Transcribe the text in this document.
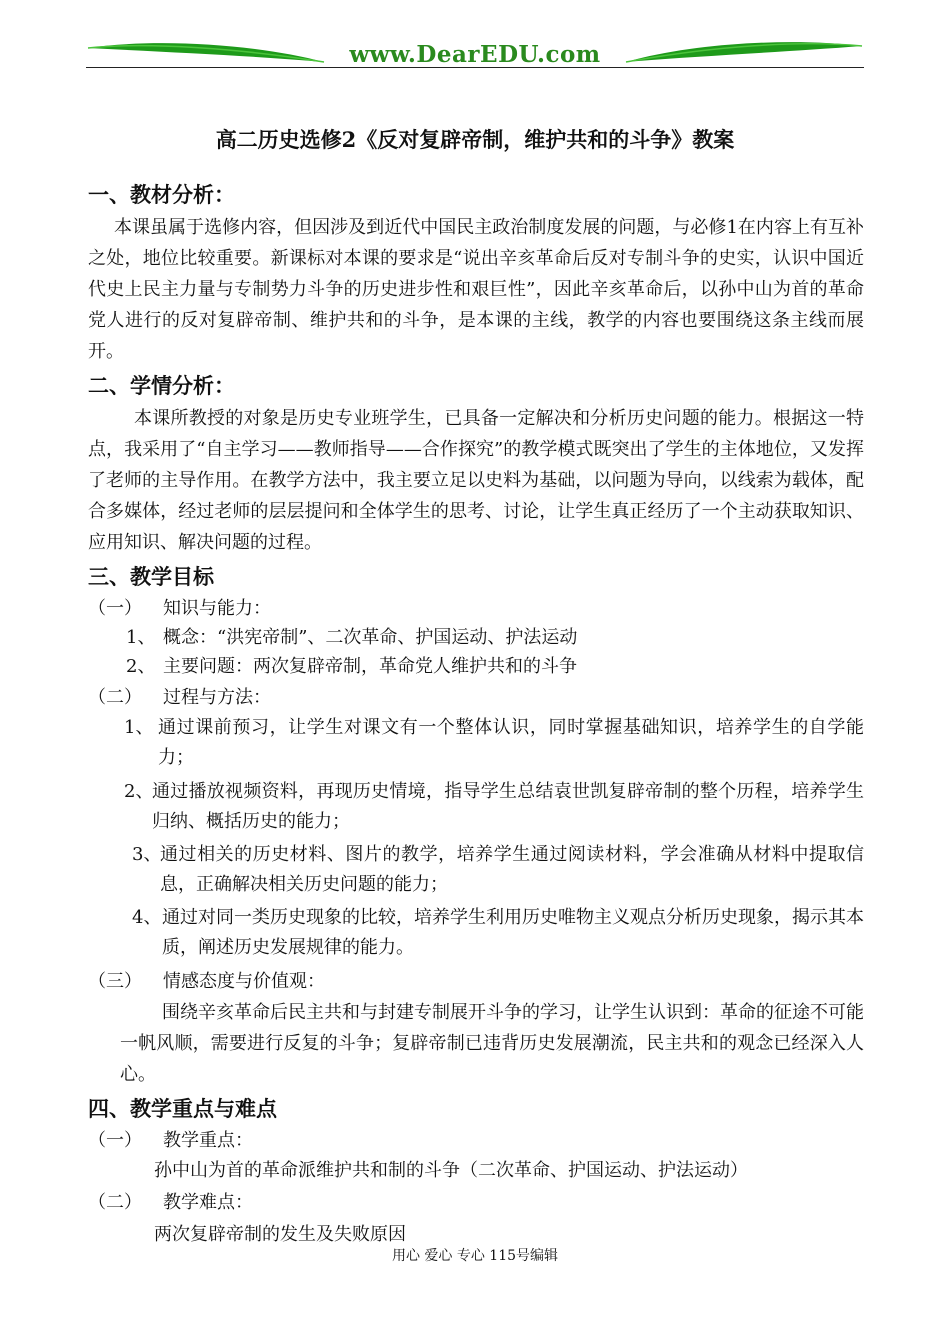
www.DearEDU.com
高二历史选修2《反对复辟帝制，维护共和的斗争》教案
一、教材分析：
本课虽属于选修内容，但因涉及到近代中国民主政治制度发展的问题，与必修1在内容上有互补之处，地位比较重要。新课标对本课的要求是“说出辛亥革命后反对专制斗争的史实，认识中国近代史上民主力量与专制势力斗争的历史进步性和艰巨性”，因此辛亥革命后，以孙中山为首的革命党人进行的反对复辟帝制、维护共和的斗争，是本课的主线，教学的内容也要围绕这条主线而展开。
二、学情分析：
本课所教授的对象是历史专业班学生，已具备一定解决和分析历史问题的能力。根据这一特点，我采用了“自主学习——教师指导——合作探究”的教学模式既突出了学生的主体地位，又发挥了老师的主导作用。在教学方法中，我主要立足以史料为基础，以问题为导向，以线索为载体，配合多媒体，经过老师的层层提问和全体学生的思考、讨论，让学生真正经历了一个主动获取知识、应用知识、解决问题的过程。
三、教学目标
（一） 知识与能力：
1、 概念：“洪宪帝制”、二次革命、护国运动、护法运动
2、 主要问题：两次复辟帝制，革命党人维护共和的斗争
（二） 过程与方法：
1、 通过课前预习，让学生对课文有一个整体认识，同时掌握基础知识，培养学生的自学能力；
2、
通过播放视频资料，再现历史情境，指导学生总结袁世凯复辟帝制的整个历程，培养学生归纳、概括历史的能力；
3、
通过相关的历史材料、图片的教学，培养学生通过阅读材料，学会准确从材料中提取信息，正确解决相关历史问题的能力；
4、 通过对同一类历史现象的比较，培养学生利用历史唯物主义观点分析历史现象，揭示其本质，阐述历史发展规律的能力。
（三） 情感态度与价值观：
围绕辛亥革命后民主共和与封建专制展开斗争的学习，让学生认识到：革命的征途不可能一帆风顺，需要进行反复的斗争；复辟帝制已违背历史发展潮流，民主共和的观念已经深入人心。
四、教学重点与难点
（一） 教学重点：
孙中山为首的革命派维护共和制的斗争（二次革命、护国运动、护法运动）
（二） 教学难点：
两次复辟帝制的发生及失败原因
用心 爱心 专心 115号编辑
